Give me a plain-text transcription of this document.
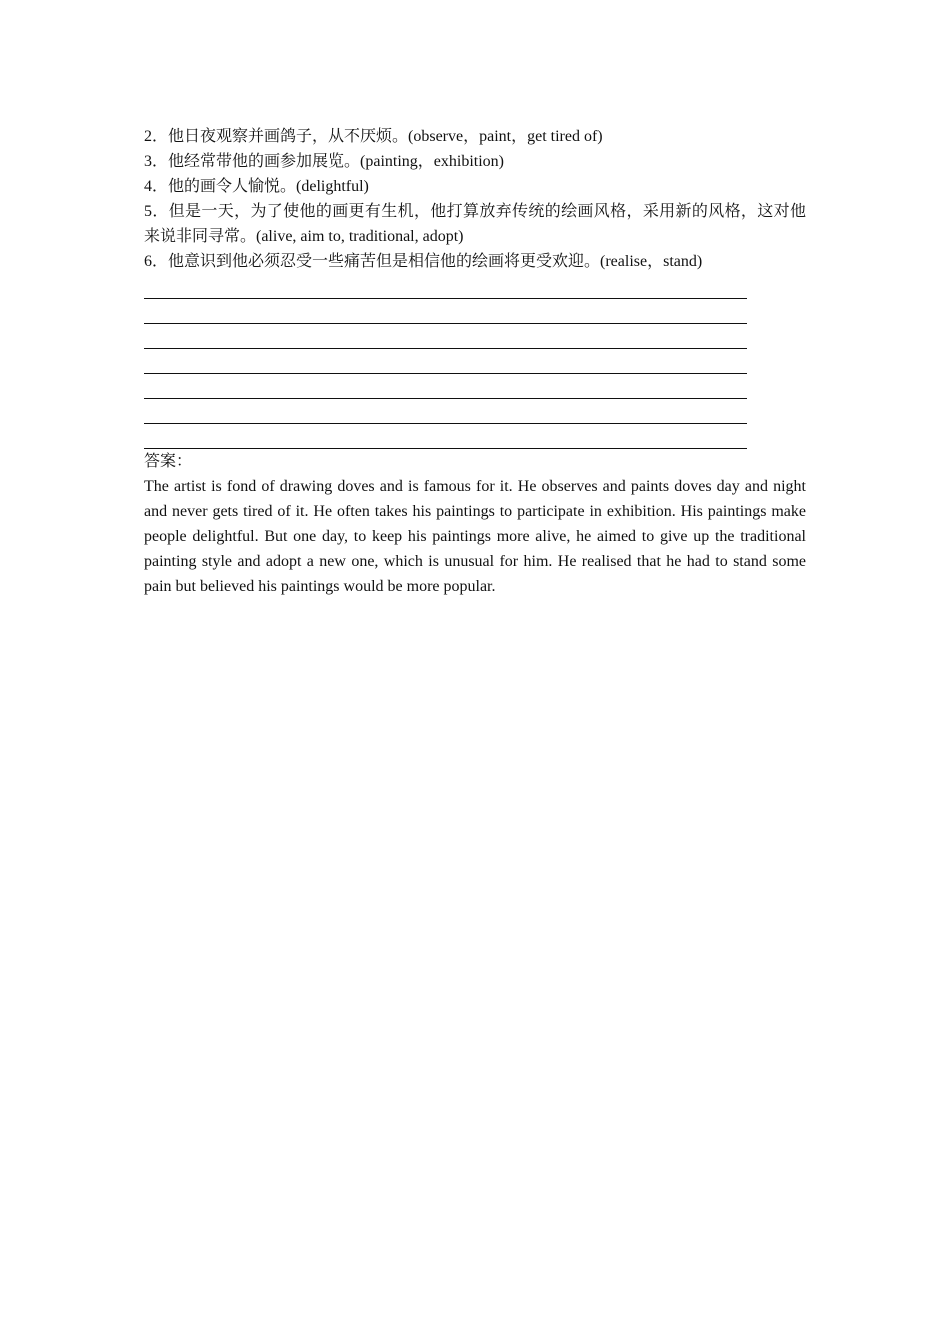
2．他日夜观察并画鸽子，从不厌烦。(observe，paint，get tired of)

3．他经常带他的画参加展览。(painting，exhibition)

4．他的画令人愉悦。(delightful)

5．但是一天，为了使他的画更有生机，他打算放弃传统的绘画风格，采用新的风格，这对他来说非同寻常。(alive, aim to, traditional, adopt)

6．他意识到他必须忍受一些痛苦但是相信他的绘画将更受欢迎。(realise，stand)

答案：

The artist is fond of drawing doves and is famous for it. He observes and paints doves day and night and never gets tired of it. He often takes his paintings to participate in exhibition. His paintings make people delightful. But one day, to keep his paintings more alive, he aimed to give up the traditional painting style and adopt a new one, which is unusual for him. He realised that he had to stand some pain but believed his paintings would be more popular.
